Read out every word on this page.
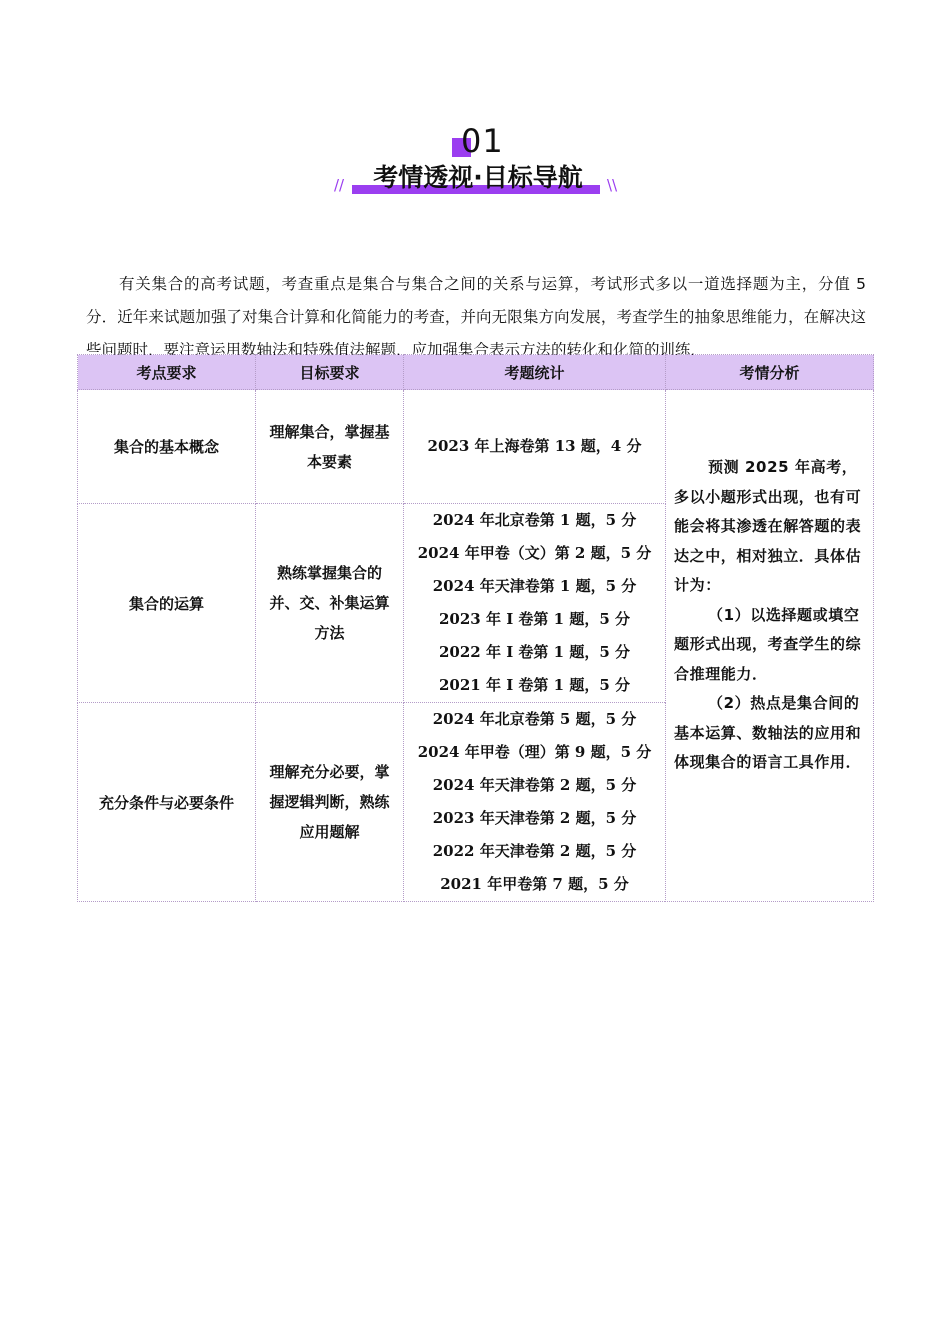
01
//	考情透视·目标导航	//

有关集合的高考试题，考查重点是集合与集合之间的关系与运算，考试形式多以一道选择题为主，分值 5 分．近年来试题加强了对集合计算和化简能力的考查，并向无限集方向发展，考查学生的抽象思维能力，在解决这些问题时，要注意运用数轴法和特殊值法解题，应加强集合表示方法的转化和化简的训练．

考点要求	目标要求	考题统计	考情分析
集合的基本概念	理解集合，掌握基本要素	2023 年上海卷第 13 题，4 分	预测 2025 年高考，多以小题形式出现，也有可能会将其渗透在解答题的表达之中，相对独立．具体估计为：

（1）以选择题或填空题形式出现，考查学生的综合推理能力．

（2）热点是集合间的基本运算、数轴法的应用和体现集合的语言工具作用．

集合的运算	熟练掌握集合的并、交、补集运算方法	
2024 年北京卷第 1 题，5 分
2024 年甲卷（文）第 2 题，5 分
2024 年天津卷第 1 题，5 分
2023 年 I 卷第 1 题，5 分
2022 年 I 卷第 1 题，5 分
2021 年 I 卷第 1 题，5 分

充分条件与必要条件	理解充分必要，掌握逻辑判断，熟练应用题解	
2024 年北京卷第 5 题，5 分
2024 年甲卷（理）第 9 题，5 分
2024 年天津卷第 2 题，5 分
2023 年天津卷第 2 题，5 分
2022 年天津卷第 2 题，5 分
2021 年甲卷第 7 题，5 分
